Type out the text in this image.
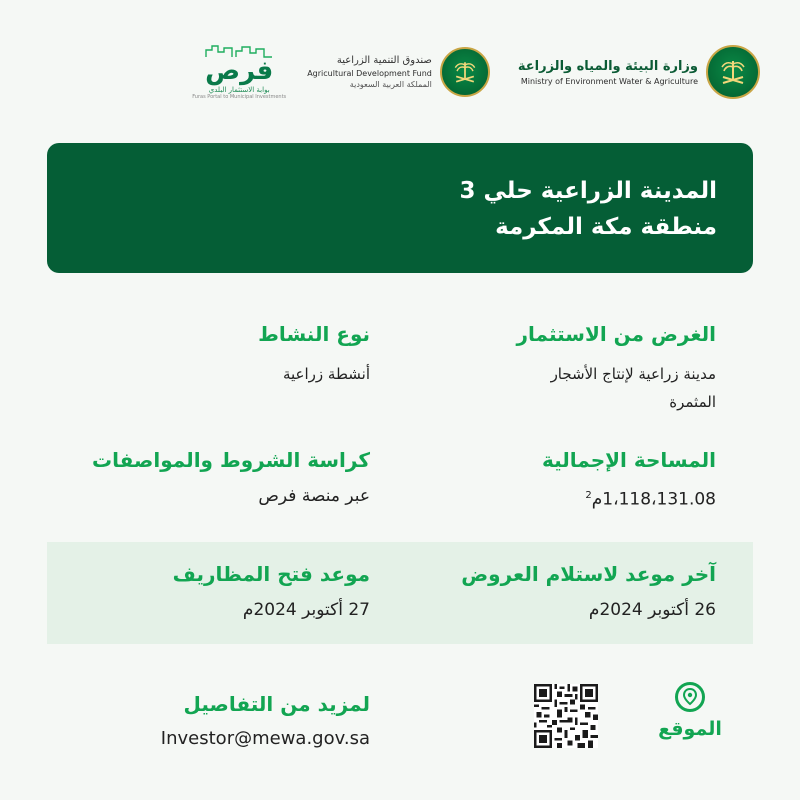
وزارة البيئة والمياه والزراعة
Ministry of Environment Water & Agriculture
صندوق التنمية الزراعية
Agricultural Development Fund
المملكة العربية السعودية
فرص
بوابة الاستثمار البلدي
Furas Portal to Municipal Investments
المدينة الزراعية حلي 3
منطقة مكة المكرمة
الغرض من الاستثمار
مدينة زراعية لإنتاج الأشجار
المثمرة
نوع النشاط
أنشطة زراعية
المساحة الإجمالية
1،118،131.08م$^2$
كراسة الشروط والمواصفات
عبر منصة فرص
آخر موعد لاستلام العروض
26 أكتوبر 2024م
موعد فتح المظاريف
27 أكتوبر 2024م
الموقع
لمزيد من التفاصيل
Investor@mewa.gov.sa
